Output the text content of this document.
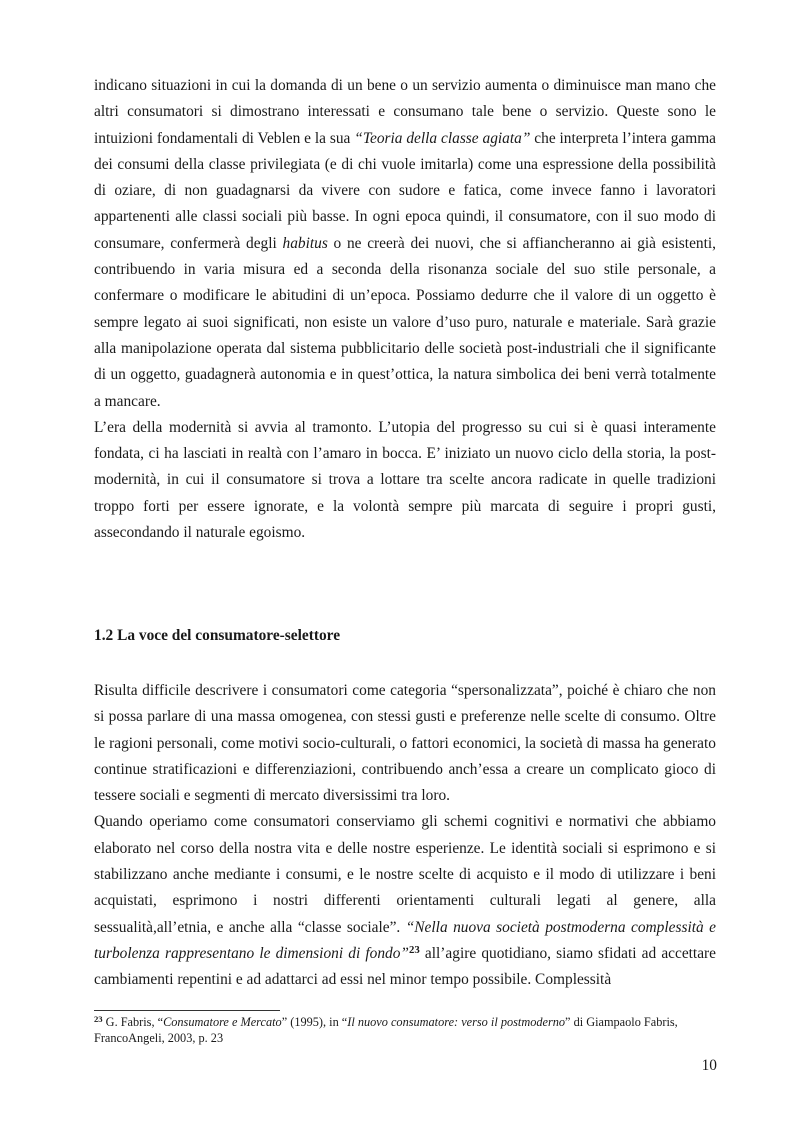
indicano situazioni in cui la domanda di un bene o un servizio aumenta o diminuisce man mano che altri consumatori si dimostrano interessati e consumano tale bene o servizio. Queste sono le intuizioni fondamentali di Veblen e la sua “Teoria della classe agiata” che interpreta l’intera gamma dei consumi della classe privilegiata (e di chi vuole imitarla) come una espressione della possibilità di oziare, di non guadagnarsi da vivere con sudore e fatica, come invece fanno i lavoratori appartenenti alle classi sociali più basse. In ogni epoca quindi, il consumatore, con il suo modo di consumare, confermerà degli habitus o ne creerà dei nuovi, che si affiancheranno ai già esistenti, contribuendo in varia misura ed a seconda della risonanza sociale del suo stile personale, a confermare o modificare le abitudini di un’epoca. Possiamo dedurre che il valore di un oggetto è sempre legato ai suoi significati, non esiste un valore d’uso puro, naturale e materiale. Sarà grazie alla manipolazione operata dal sistema pubblicitario delle società post-industriali che il significante di un oggetto, guadagnerà autonomia e in quest’ottica, la natura simbolica dei beni verrà totalmente a mancare.

L’era della modernità si avvia al tramonto. L’utopia del progresso su cui si è quasi interamente fondata, ci ha lasciati in realtà con l’amaro in bocca. E’ iniziato un nuovo ciclo della storia, la post-modernità, in cui il consumatore si trova a lottare tra scelte ancora radicate in quelle tradizioni troppo forti per essere ignorate, e la volontà sempre più marcata di seguire i propri gusti, assecondando il naturale egoismo.

1.2 La voce del consumatore-selettore

Risulta difficile descrivere i consumatori come categoria “spersonalizzata”, poiché è chiaro che non si possa parlare di una massa omogenea, con stessi gusti e preferenze nelle scelte di consumo. Oltre le ragioni personali, come motivi socio-culturali, o fattori economici, la società di massa ha generato continue stratificazioni e differenziazioni, contribuendo anch’essa a creare un complicato gioco di tessere sociali e segmenti di mercato diversissimi tra loro.

Quando operiamo come consumatori conserviamo gli schemi cognitivi e normativi che abbiamo elaborato nel corso della nostra vita e delle nostre esperienze. Le identità sociali si esprimono e si stabilizzano anche mediante i consumi, e le nostre scelte di acquisto e il modo di utilizzare i beni acquistati, esprimono i nostri differenti orientamenti culturali legati al genere, alla sessualità,all’etnia, e anche alla “classe sociale”. “Nella nuova società postmoderna complessità e turbolenza rappresentano le dimensioni di fondo”$^{23}$ all’agire quotidiano, siamo sfidati ad accettare cambiamenti repentini e ad adattarci ad essi nel minor tempo possibile. Complessità

$^{23}$ G. Fabris, “Consumatore e Mercato” (1995), in “Il nuovo consumatore: verso il postmoderno” di Giampaolo Fabris, FrancoAngeli, 2003, p. 23

10
